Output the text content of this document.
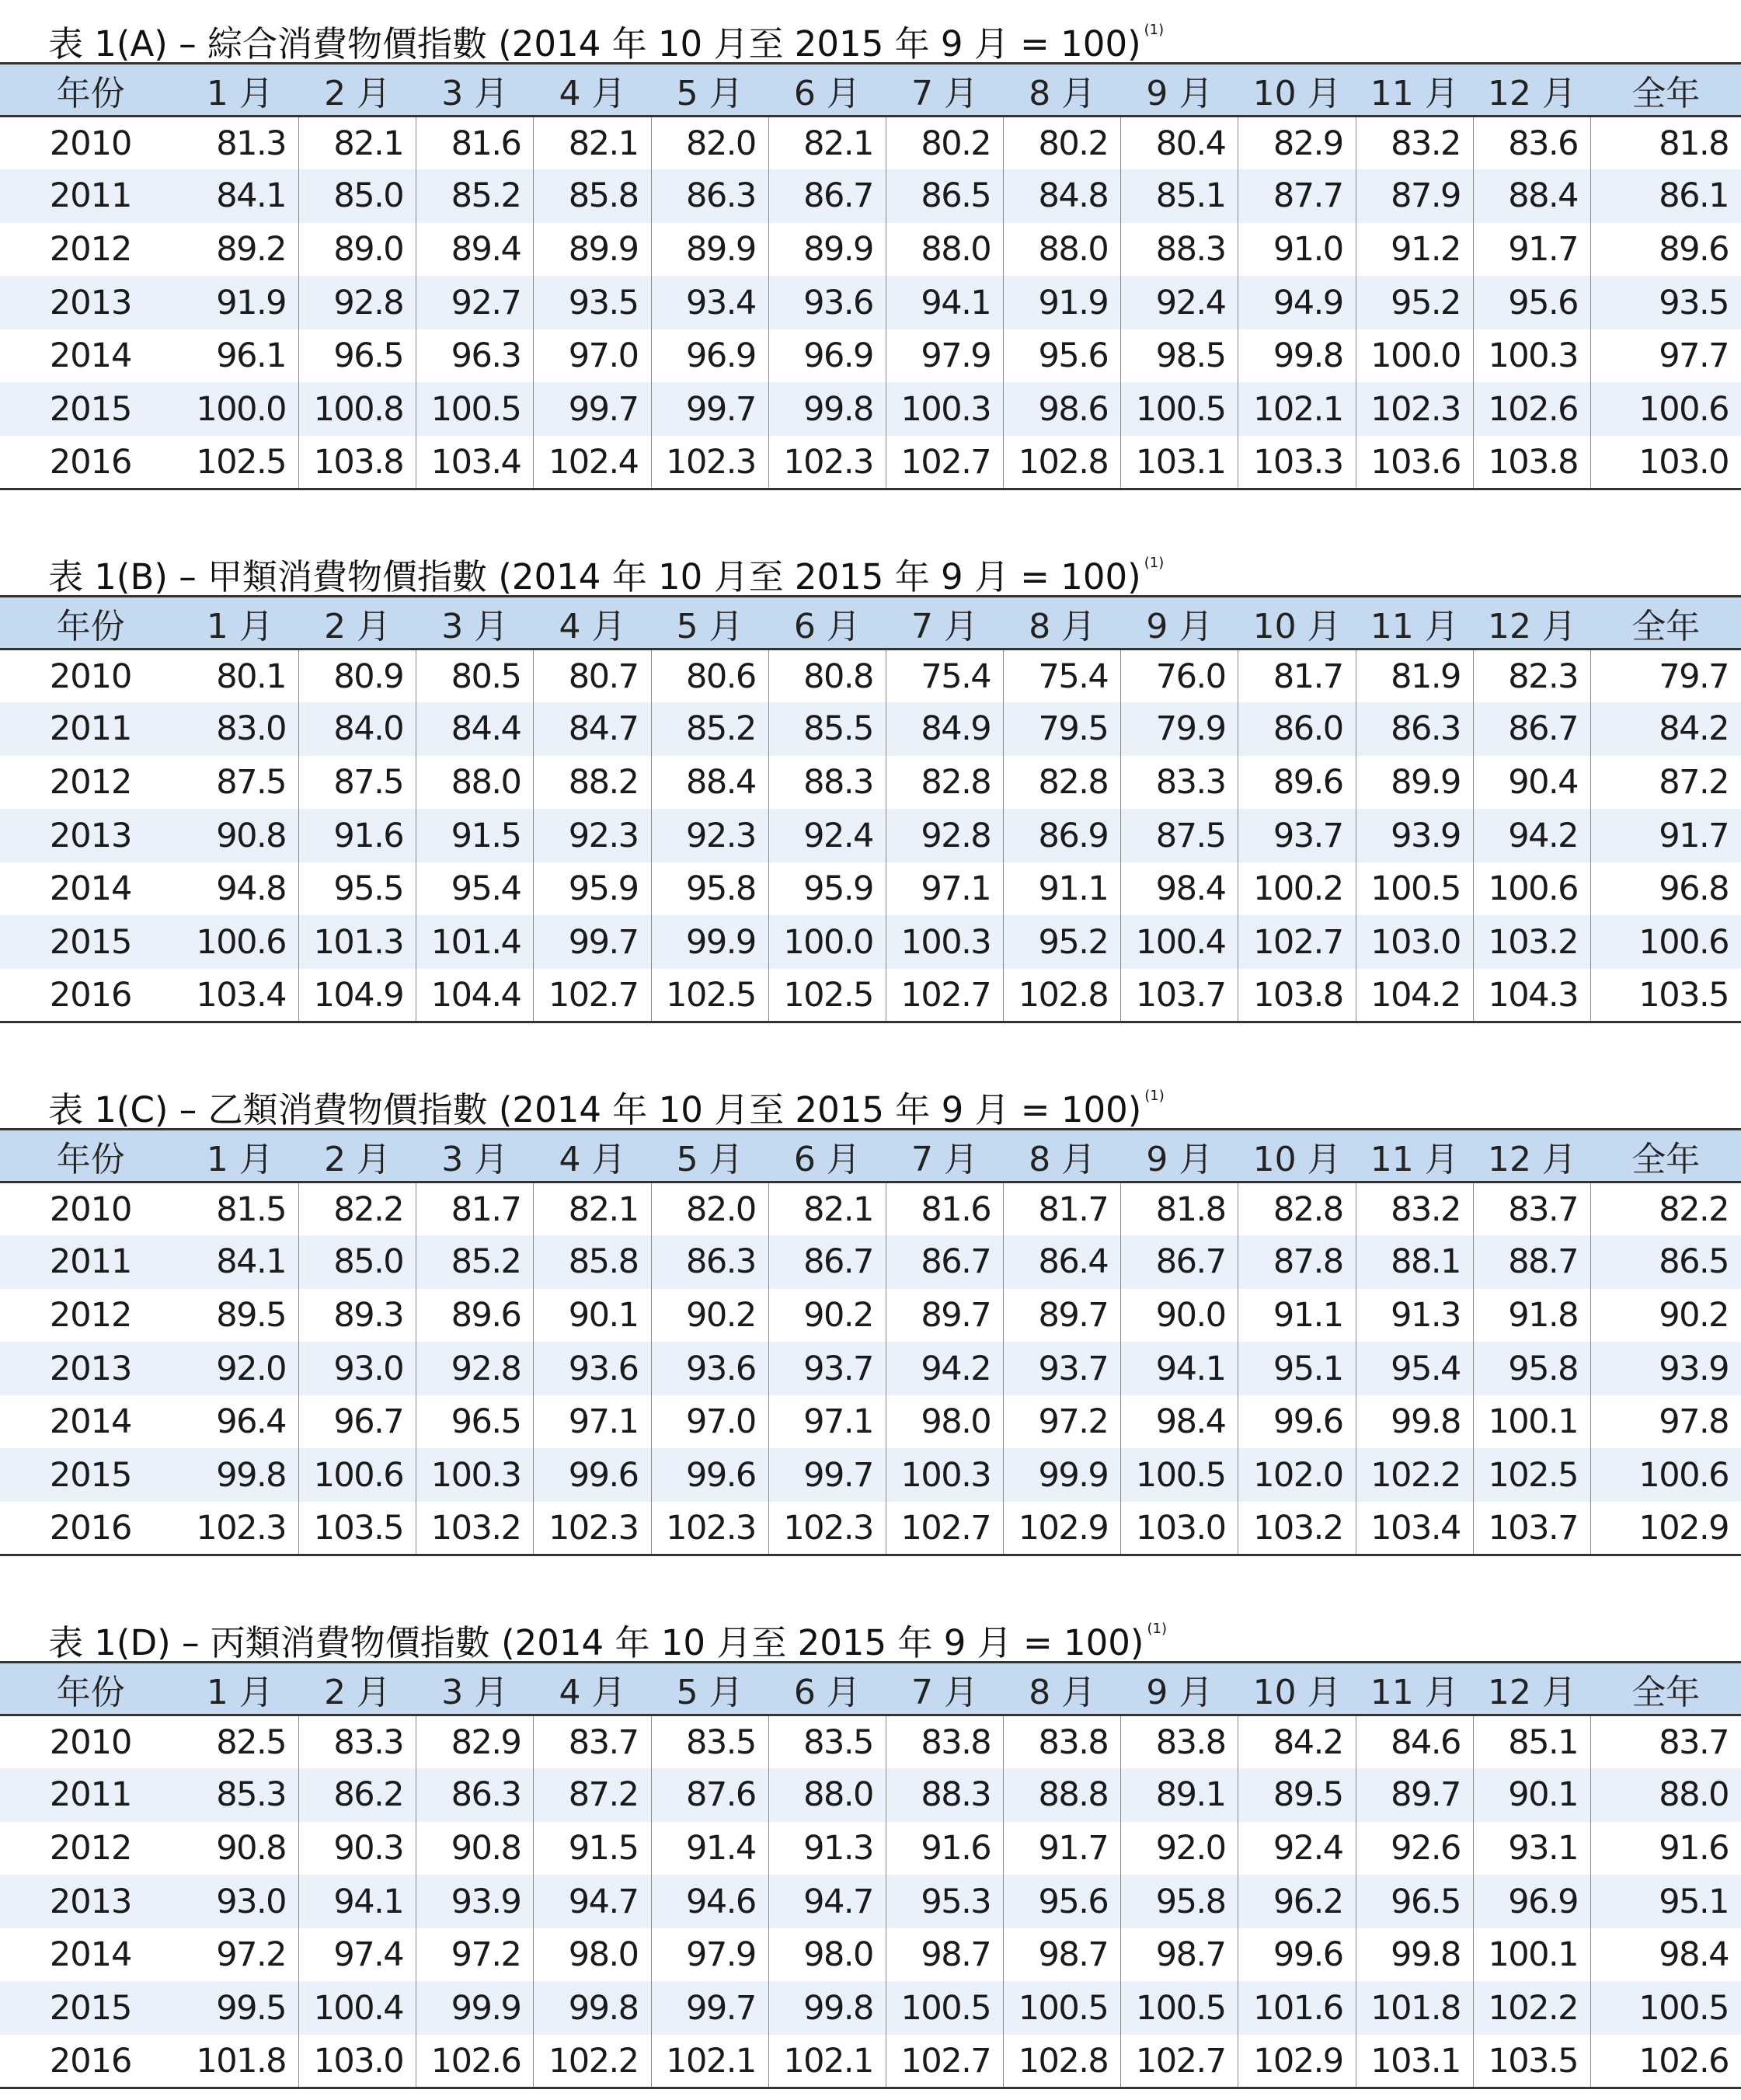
表 1(A) – 綜合消費物價指數 (2014 年 10 月至 2015 年 9 月 = 100) $^{(1)}$
年份	1 月	2 月	3 月	4 月	5 月	6 月	7 月	8 月	9 月	10 月	11 月	12 月	全年
2010	81.3	82.1	81.6	82.1	82.0	82.1	80.2	80.2	80.4	82.9	83.2	83.6	81.8
2011	84.1	85.0	85.2	85.8	86.3	86.7	86.5	84.8	85.1	87.7	87.9	88.4	86.1
2012	89.2	89.0	89.4	89.9	89.9	89.9	88.0	88.0	88.3	91.0	91.2	91.7	89.6
2013	91.9	92.8	92.7	93.5	93.4	93.6	94.1	91.9	92.4	94.9	95.2	95.6	93.5
2014	96.1	96.5	96.3	97.0	96.9	96.9	97.9	95.6	98.5	99.8	100.0	100.3	97.7
2015	100.0	100.8	100.5	99.7	99.7	99.8	100.3	98.6	100.5	102.1	102.3	102.6	100.6
2016	102.5	103.8	103.4	102.4	102.3	102.3	102.7	102.8	103.1	103.3	103.6	103.8	103.0
表 1(B) – 甲類消費物價指數 (2014 年 10 月至 2015 年 9 月 = 100) $^{(1)}$
年份	1 月	2 月	3 月	4 月	5 月	6 月	7 月	8 月	9 月	10 月	11 月	12 月	全年
2010	80.1	80.9	80.5	80.7	80.6	80.8	75.4	75.4	76.0	81.7	81.9	82.3	79.7
2011	83.0	84.0	84.4	84.7	85.2	85.5	84.9	79.5	79.9	86.0	86.3	86.7	84.2
2012	87.5	87.5	88.0	88.2	88.4	88.3	82.8	82.8	83.3	89.6	89.9	90.4	87.2
2013	90.8	91.6	91.5	92.3	92.3	92.4	92.8	86.9	87.5	93.7	93.9	94.2	91.7
2014	94.8	95.5	95.4	95.9	95.8	95.9	97.1	91.1	98.4	100.2	100.5	100.6	96.8
2015	100.6	101.3	101.4	99.7	99.9	100.0	100.3	95.2	100.4	102.7	103.0	103.2	100.6
2016	103.4	104.9	104.4	102.7	102.5	102.5	102.7	102.8	103.7	103.8	104.2	104.3	103.5
表 1(C) – 乙類消費物價指數 (2014 年 10 月至 2015 年 9 月 = 100) $^{(1)}$
年份	1 月	2 月	3 月	4 月	5 月	6 月	7 月	8 月	9 月	10 月	11 月	12 月	全年
2010	81.5	82.2	81.7	82.1	82.0	82.1	81.6	81.7	81.8	82.8	83.2	83.7	82.2
2011	84.1	85.0	85.2	85.8	86.3	86.7	86.7	86.4	86.7	87.8	88.1	88.7	86.5
2012	89.5	89.3	89.6	90.1	90.2	90.2	89.7	89.7	90.0	91.1	91.3	91.8	90.2
2013	92.0	93.0	92.8	93.6	93.6	93.7	94.2	93.7	94.1	95.1	95.4	95.8	93.9
2014	96.4	96.7	96.5	97.1	97.0	97.1	98.0	97.2	98.4	99.6	99.8	100.1	97.8
2015	99.8	100.6	100.3	99.6	99.6	99.7	100.3	99.9	100.5	102.0	102.2	102.5	100.6
2016	102.3	103.5	103.2	102.3	102.3	102.3	102.7	102.9	103.0	103.2	103.4	103.7	102.9
表 1(D) – 丙類消費物價指數 (2014 年 10 月至 2015 年 9 月 = 100) $^{(1)}$
年份	1 月	2 月	3 月	4 月	5 月	6 月	7 月	8 月	9 月	10 月	11 月	12 月	全年
2010	82.5	83.3	82.9	83.7	83.5	83.5	83.8	83.8	83.8	84.2	84.6	85.1	83.7
2011	85.3	86.2	86.3	87.2	87.6	88.0	88.3	88.8	89.1	89.5	89.7	90.1	88.0
2012	90.8	90.3	90.8	91.5	91.4	91.3	91.6	91.7	92.0	92.4	92.6	93.1	91.6
2013	93.0	94.1	93.9	94.7	94.6	94.7	95.3	95.6	95.8	96.2	96.5	96.9	95.1
2014	97.2	97.4	97.2	98.0	97.9	98.0	98.7	98.7	98.7	99.6	99.8	100.1	98.4
2015	99.5	100.4	99.9	99.8	99.7	99.8	100.5	100.5	100.5	101.6	101.8	102.2	100.5
2016	101.8	103.0	102.6	102.2	102.1	102.1	102.7	102.8	102.7	102.9	103.1	103.5	102.6
